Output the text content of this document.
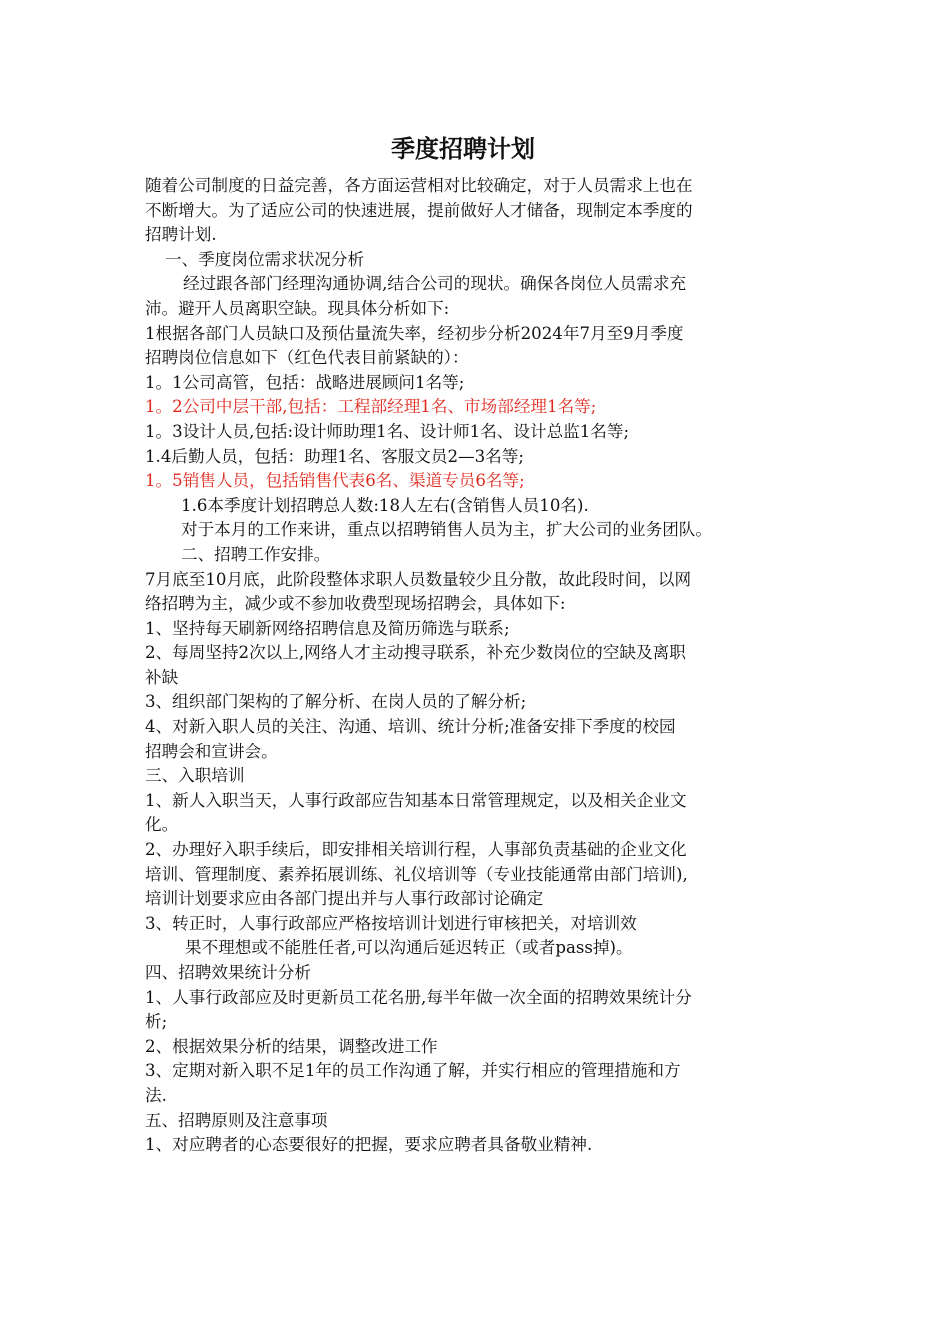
季度招聘计划

随着公司制度的日益完善，各方面运营相对比较确定，对于人员需求上也在

不断增大。为了适应公司的快速进展，提前做好人才储备，现制定本季度的

招聘计划.

一、季度岗位需求状况分析

经过跟各部门经理沟通协调,结合公司的现状。确保各岗位人员需求充

沛。避开人员离职空缺。现具体分析如下:

1根据各部门人员缺口及预估量流失率，经初步分析2024年7月至9月季度

招聘岗位信息如下（红色代表目前紧缺的）：

1。1公司高管，包括：战略进展顾问1名等;

1。2公司中层干部,包括：工程部经理1名、市场部经理1名等;

1。3设计人员,包括:设计师助理1名、设计师1名、设计总监1名等;

1.4后勤人员，包括：助理1名、客服文员2—3名等;

1。5销售人员，包括销售代表6名、渠道专员6名等;

1.6本季度计划招聘总人数:18人左右(含销售人员10名).

对于本月的工作来讲，重点以招聘销售人员为主，扩大公司的业务团队。

二、招聘工作安排。

7月底至10月底，此阶段整体求职人员数量较少且分散，故此段时间，以网

络招聘为主，减少或不参加收费型现场招聘会，具体如下:

1、坚持每天刷新网络招聘信息及简历筛选与联系;

2、每周坚持2次以上,网络人才主动搜寻联系，补充少数岗位的空缺及离职

补缺

3、组织部门架构的了解分析、在岗人员的了解分析;

4、对新入职人员的关注、沟通、培训、统计分析;准备安排下季度的校园

招聘会和宣讲会。

三、入职培训

1、新人入职当天，人事行政部应告知基本日常管理规定，以及相关企业文

化。

2、办理好入职手续后，即安排相关培训行程，人事部负责基础的企业文化

培训、管理制度、素养拓展训练、礼仪培训等（专业技能通常由部门培训),

培训计划要求应由各部门提出并与人事行政部讨论确定

3、转正时，人事行政部应严格按培训计划进行审核把关，对培训效

果不理想或不能胜任者,可以沟通后延迟转正（或者pass掉)。

四、招聘效果统计分析

1、人事行政部应及时更新员工花名册,每半年做一次全面的招聘效果统计分

析;

2、根据效果分析的结果，调整改进工作

3、定期对新入职不足1年的员工作沟通了解，并实行相应的管理措施和方

法.

五、招聘原则及注意事项

1、对应聘者的心态要很好的把握，要求应聘者具备敬业精神.
